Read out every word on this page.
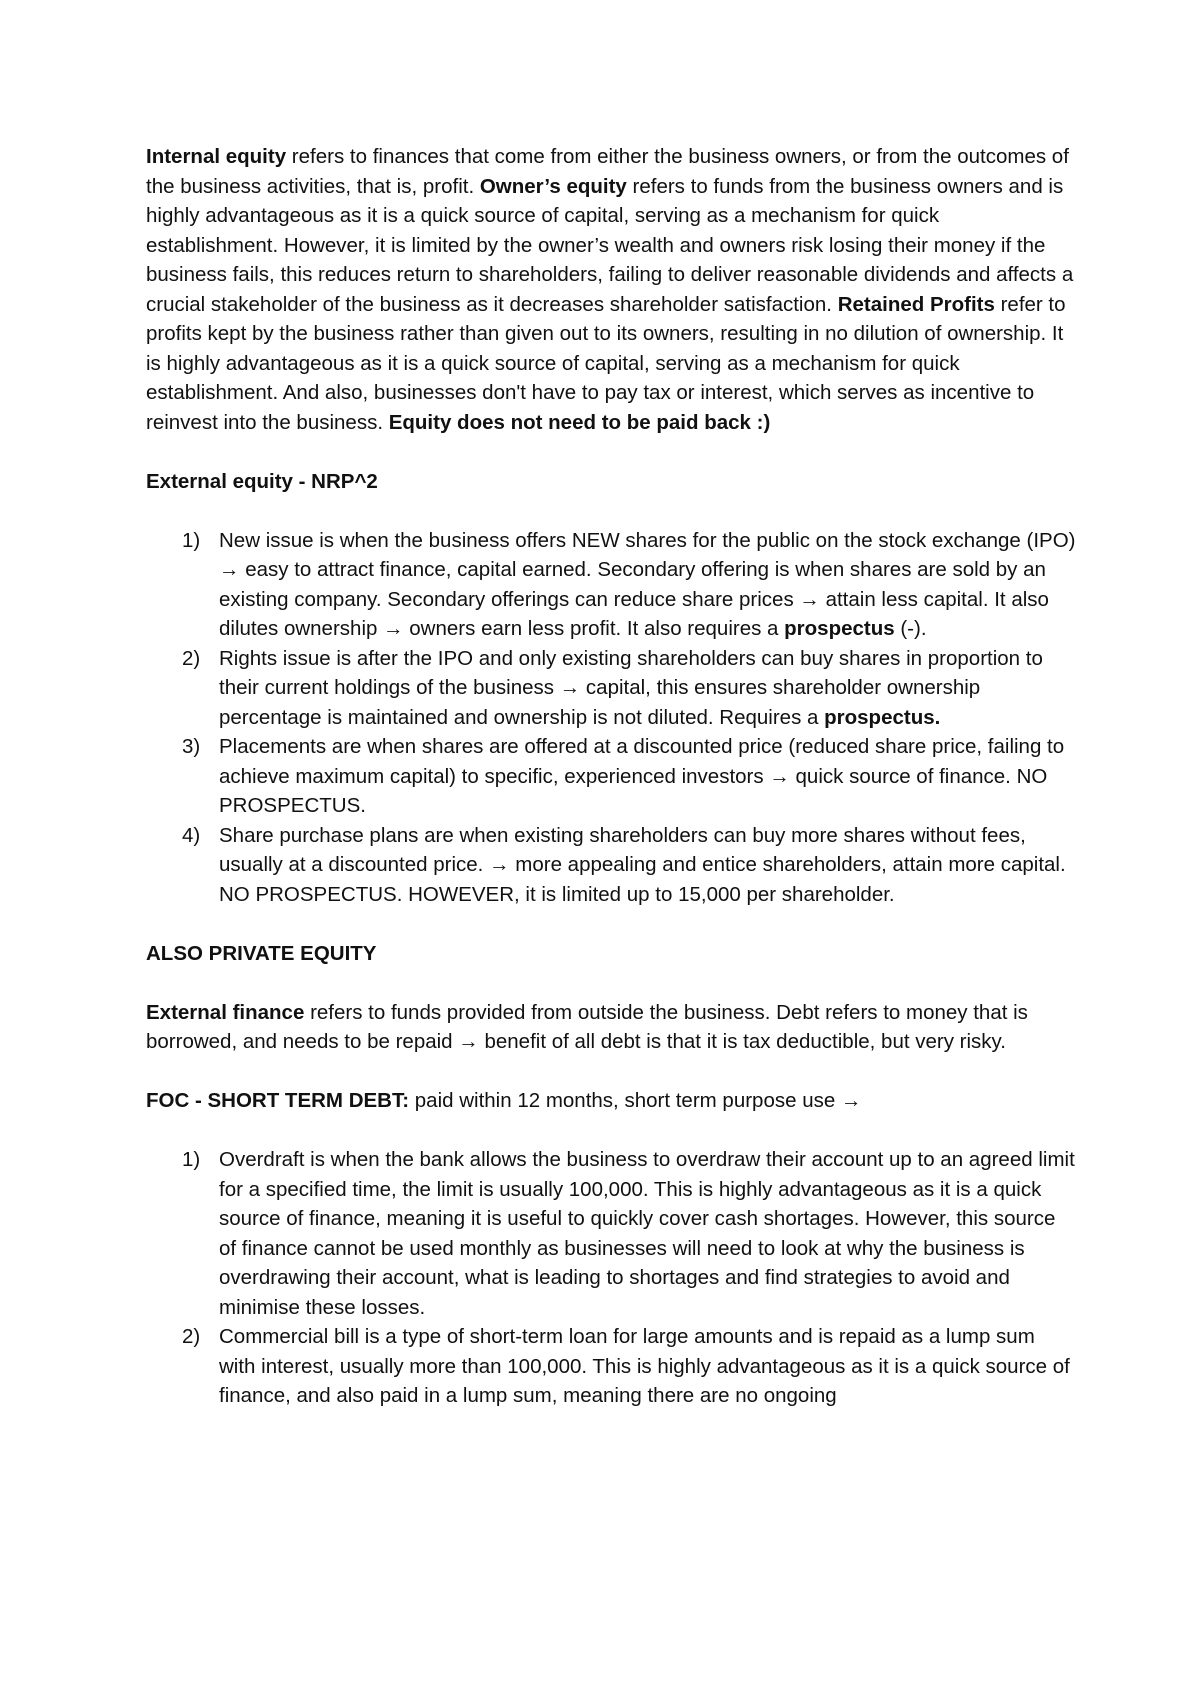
Internal equity refers to finances that come from either the business owners, or from the outcomes of the business activities, that is, profit. Owner’s equity refers to funds from the business owners and is highly advantageous as it is a quick source of capital, serving as a mechanism for quick establishment. However, it is limited by the owner’s wealth and owners risk losing their money if the business fails, this reduces return to shareholders, failing to deliver reasonable dividends and affects a crucial stakeholder of the business as it decreases shareholder satisfaction. Retained Profits refer to profits kept by the business rather than given out to its owners, resulting in no dilution of ownership. It is highly advantageous as it is a quick source of capital, serving as a mechanism for quick establishment. And also, businesses don't have to pay tax or interest, which serves as incentive to reinvest into the business. Equity does not need to be paid back :)

External equity - NRP^2

1) New issue is when the business offers NEW shares for the public on the stock exchange (IPO) → easy to attract finance, capital earned. Secondary offering is when shares are sold by an existing company. Secondary offerings can reduce share prices → attain less capital. It also dilutes ownership → owners earn less profit. It also requires a prospectus (-).
2) Rights issue is after the IPO and only existing shareholders can buy shares in proportion to their current holdings of the business → capital, this ensures shareholder ownership percentage is maintained and ownership is not diluted. Requires a prospectus.
3) Placements are when shares are offered at a discounted price (reduced share price, failing to achieve maximum capital) to specific, experienced investors → quick source of finance. NO PROSPECTUS.
4) Share purchase plans are when existing shareholders can buy more shares without fees, usually at a discounted price. → more appealing and entice shareholders, attain more capital. NO PROSPECTUS. HOWEVER, it is limited up to 15,000 per shareholder.

ALSO PRIVATE EQUITY

External finance refers to funds provided from outside the business. Debt refers to money that is borrowed, and needs to be repaid → benefit of all debt is that it is tax deductible, but very risky.

FOC - SHORT TERM DEBT: paid within 12 months, short term purpose use →

1) Overdraft is when the bank allows the business to overdraw their account up to an agreed limit for a specified time, the limit is usually 100,000. This is highly advantageous as it is a quick source of finance, meaning it is useful to quickly cover cash shortages. However, this source of finance cannot be used monthly as businesses will need to look at why the business is overdrawing their account, what is leading to shortages and find strategies to avoid and minimise these losses.
2) Commercial bill is a type of short-term loan for large amounts and is repaid as a lump sum with interest, usually more than 100,000. This is highly advantageous as it is a quick source of finance, and also paid in a lump sum, meaning there are no ongoing
